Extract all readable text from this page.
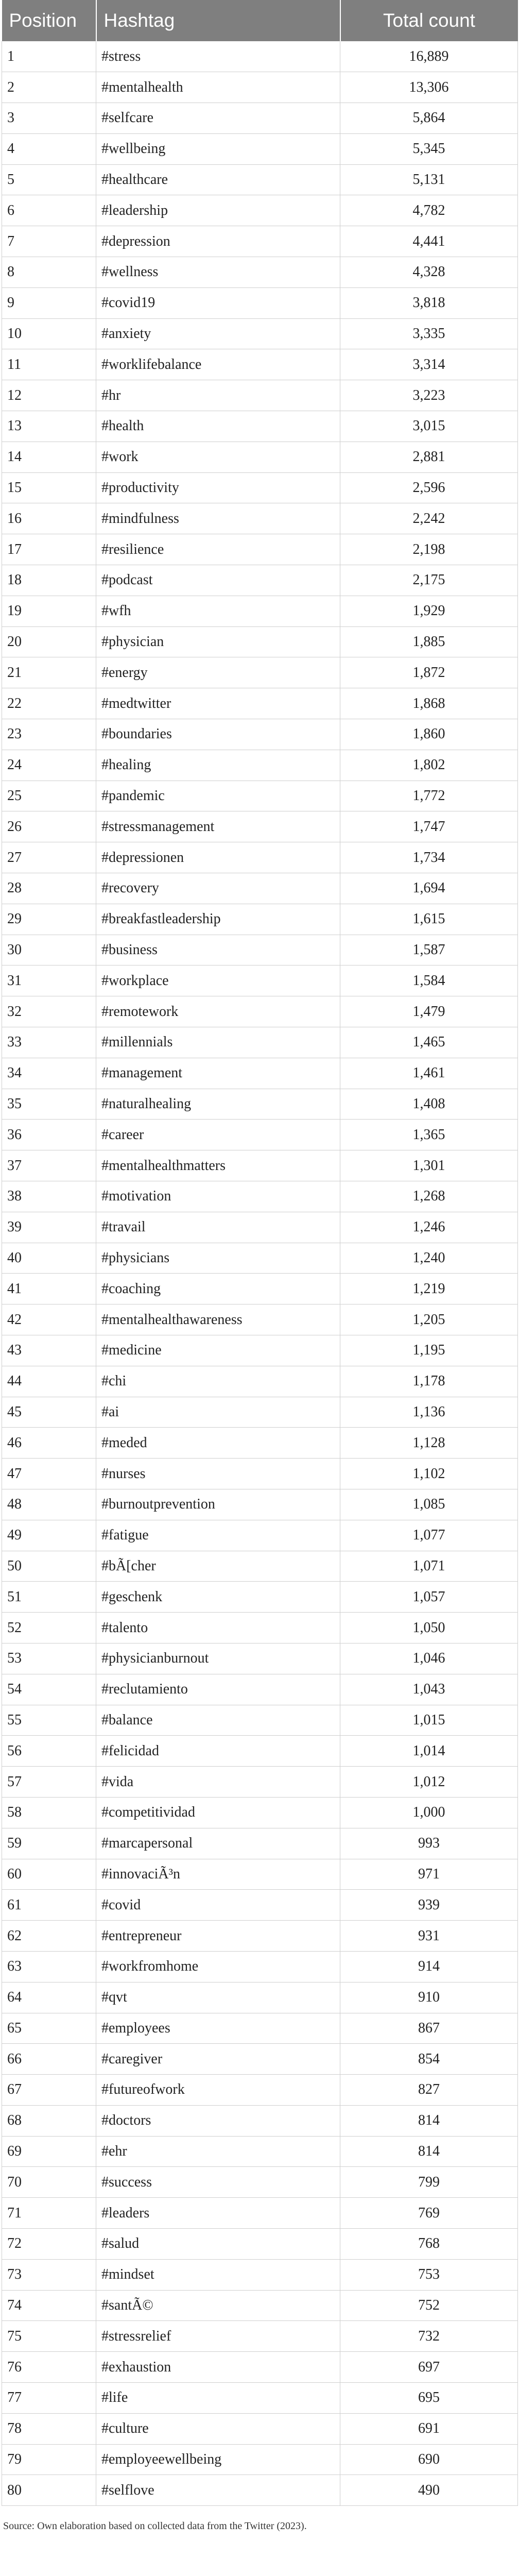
Position	Hashtag	Total count
1	#stress	16,889
2	#mentalhealth	13,306
3	#selfcare	5,864
4	#wellbeing	5,345
5	#healthcare	5,131
6	#leadership	4,782
7	#depression	4,441
8	#wellness	4,328
9	#covid19	3,818
10	#anxiety	3,335
11	#worklifebalance	3,314
12	#hr	3,223
13	#health	3,015
14	#work	2,881
15	#productivity	2,596
16	#mindfulness	2,242
17	#resilience	2,198
18	#podcast	2,175
19	#wfh	1,929
20	#physician	1,885
21	#energy	1,872
22	#medtwitter	1,868
23	#boundaries	1,860
24	#healing	1,802
25	#pandemic	1,772
26	#stressmanagement	1,747
27	#depressionen	1,734
28	#recovery	1,694
29	#breakfastleadership	1,615
30	#business	1,587
31	#workplace	1,584
32	#remotework	1,479
33	#millennials	1,465
34	#management	1,461
35	#naturalhealing	1,408
36	#career	1,365
37	#mentalhealthmatters	1,301
38	#motivation	1,268
39	#travail	1,246
40	#physicians	1,240
41	#coaching	1,219
42	#mentalhealthawareness	1,205
43	#medicine	1,195
44	#chi	1,178
45	#ai	1,136
46	#meded	1,128
47	#nurses	1,102
48	#burnoutprevention	1,085
49	#fatigue	1,077
50	#bÃ[cher	1,071
51	#geschenk	1,057
52	#talento	1,050
53	#physicianburnout	1,046
54	#reclutamiento	1,043
55	#balance	1,015
56	#felicidad	1,014
57	#vida	1,012
58	#competitividad	1,000
59	#marcapersonal	993
60	#innovaciÃ³n	971
61	#covid	939
62	#entrepreneur	931
63	#workfromhome	914
64	#qvt	910
65	#employees	867
66	#caregiver	854
67	#futureofwork	827
68	#doctors	814
69	#ehr	814
70	#success	799
71	#leaders	769
72	#salud	768
73	#mindset	753
74	#santÃ©	752
75	#stressrelief	732
76	#exhaustion	697
77	#life	695
78	#culture	691
79	#employeewellbeing	690
80	#selflove	490
Source: Own elaboration based on collected data from the Twitter (2023).
